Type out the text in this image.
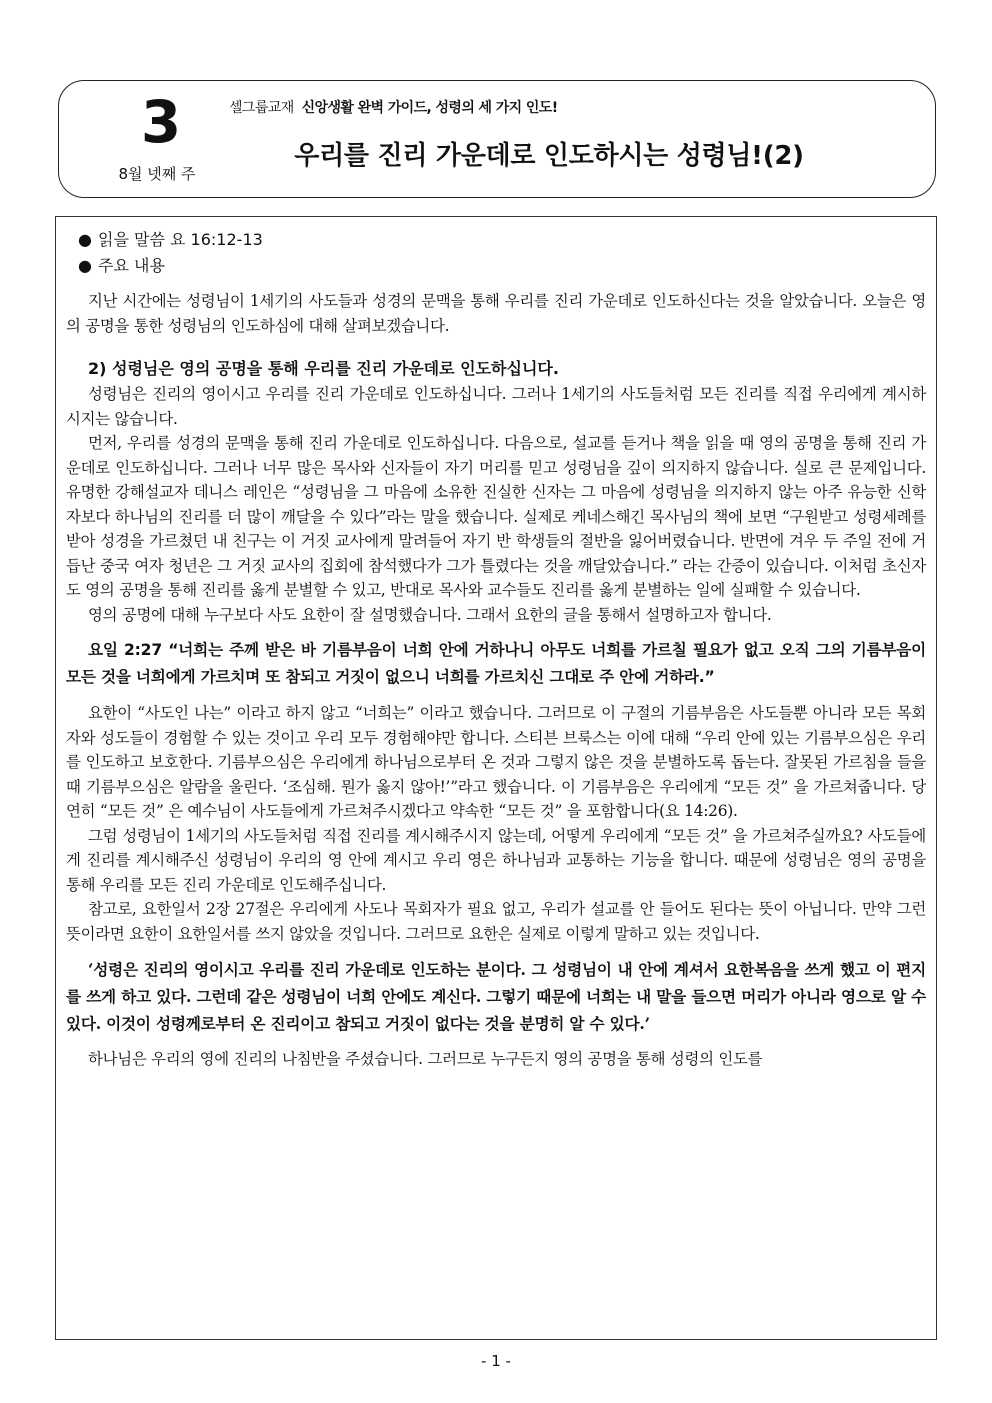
3
8월 넷째 주
셀그룹교재 신앙생활 완벽 가이드, 성령의 세 가지 인도!
우리를 진리 가운데로 인도하시는 성령님!(2)

● 읽을 말씀 요 16:12-13

● 주요 내용

지난 시간에는 성령님이 1세기의 사도들과 성경의 문맥을 통해 우리를 진리 가운데로 인도하신다는 것을 알았습니다. 오늘은 영의 공명을 통한 성령님의 인도하심에 대해 살펴보겠습니다.

2) 성령님은 영의 공명을 통해 우리를 진리 가운데로 인도하십니다.

성령님은 진리의 영이시고 우리를 진리 가운데로 인도하십니다. 그러나 1세기의 사도들처럼 모든 진리를 직접 우리에게 계시하시지는 않습니다.

먼저, 우리를 성경의 문맥을 통해 진리 가운데로 인도하십니다. 다음으로, 설교를 듣거나 책을 읽을 때 영의 공명을 통해 진리 가운데로 인도하십니다. 그러나 너무 많은 목사와 신자들이 자기 머리를 믿고 성령님을 깊이 의지하지 않습니다. 실로 큰 문제입니다. 유명한 강해설교자 데니스 레인은 “성령님을 그 마음에 소유한 진실한 신자는 그 마음에 성령님을 의지하지 않는 아주 유능한 신학자보다 하나님의 진리를 더 많이 깨달을 수 있다”라는 말을 했습니다. 실제로 케네스해긴 목사님의 책에 보면 “구원받고 성령세례를 받아 성경을 가르쳤던 내 친구는 이 거짓 교사에게 말려들어 자기 반 학생들의 절반을 잃어버렸습니다. 반면에 겨우 두 주일 전에 거듭난 중국 여자 청년은 그 거짓 교사의 집회에 참석했다가 그가 틀렸다는 것을 깨달았습니다.” 라는 간증이 있습니다. 이처럼 초신자도 영의 공명을 통해 진리를 옳게 분별할 수 있고, 반대로 목사와 교수들도 진리를 옳게 분별하는 일에 실패할 수 있습니다.

영의 공명에 대해 누구보다 사도 요한이 잘 설명했습니다. 그래서 요한의 글을 통해서 설명하고자 합니다.

요일 2:27 “너희는 주께 받은 바 기름부음이 너희 안에 거하나니 아무도 너희를 가르칠 필요가 없고 오직 그의 기름부음이 모든 것을 너희에게 가르치며 또 참되고 거짓이 없으니 너희를 가르치신 그대로 주 안에 거하라.”

요한이 “사도인 나는” 이라고 하지 않고 “너희는” 이라고 했습니다. 그러므로 이 구절의 기름부음은 사도들뿐 아니라 모든 목회자와 성도들이 경험할 수 있는 것이고 우리 모두 경험해야만 합니다. 스티븐 브룩스는 이에 대해 “우리 안에 있는 기름부으심은 우리를 인도하고 보호한다. 기름부으심은 우리에게 하나님으로부터 온 것과 그렇지 않은 것을 분별하도록 돕는다. 잘못된 가르침을 들을 때 기름부으심은 알람을 울린다. ‘조심해. 뭔가 옳지 않아!’”라고 했습니다. 이 기름부음은 우리에게 “모든 것” 을 가르쳐줍니다. 당연히 “모든 것” 은 예수님이 사도들에게 가르쳐주시겠다고 약속한 “모든 것” 을 포함합니다(요 14:26).

그럼 성령님이 1세기의 사도들처럼 직접 진리를 계시해주시지 않는데, 어떻게 우리에게 “모든 것” 을 가르쳐주실까요? 사도들에게 진리를 계시해주신 성령님이 우리의 영 안에 계시고 우리 영은 하나님과 교통하는 기능을 합니다. 때문에 성령님은 영의 공명을 통해 우리를 모든 진리 가운데로 인도해주십니다.

참고로, 요한일서 2장 27절은 우리에게 사도나 목회자가 필요 없고, 우리가 설교를 안 들어도 된다는 뜻이 아닙니다. 만약 그런 뜻이라면 요한이 요한일서를 쓰지 않았을 것입니다. 그러므로 요한은 실제로 이렇게 말하고 있는 것입니다.

‘성령은 진리의 영이시고 우리를 진리 가운데로 인도하는 분이다. 그 성령님이 내 안에 계셔서 요한복음을 쓰게 했고 이 편지를 쓰게 하고 있다. 그런데 같은 성령님이 너희 안에도 계신다. 그렇기 때문에 너희는 내 말을 들으면 머리가 아니라 영으로 알 수 있다. 이것이 성령께로부터 온 진리이고 참되고 거짓이 없다는 것을 분명히 알 수 있다.’

하나님은 우리의 영에 진리의 나침반을 주셨습니다. 그러므로 누구든지 영의 공명을 통해 성령의 인도를

- 1 -
